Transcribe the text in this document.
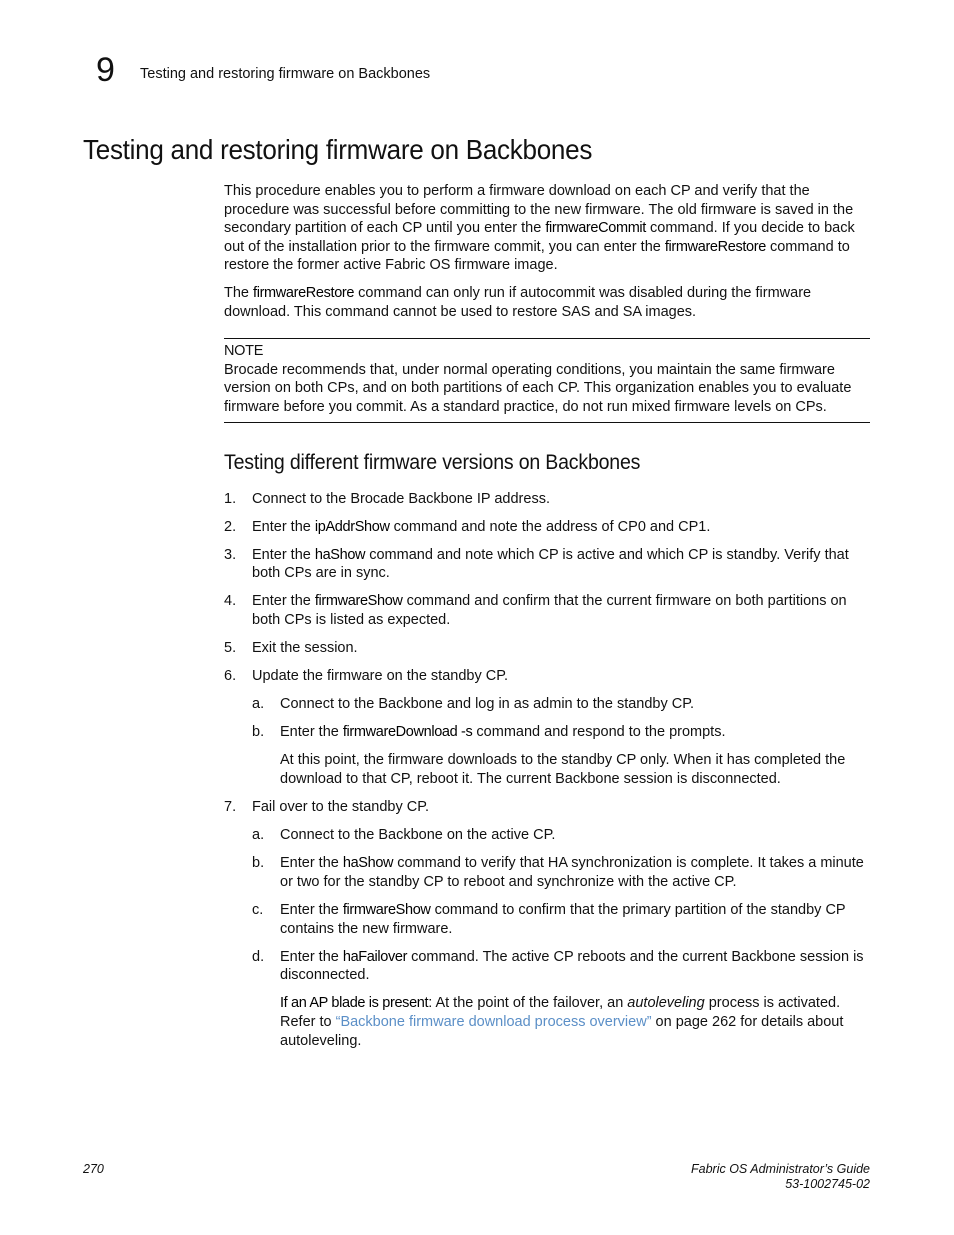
9 Testing and restoring firmware on Backbones
Testing and restoring firmware on Backbones

This procedure enables you to perform a firmware download on each CP and verify that the procedure was successful before committing to the new firmware. The old firmware is saved in the secondary partition of each CP until you enter the firmwareCommit command. If you decide to back out of the installation prior to the firmware commit, you can enter the firmwareRestore command to restore the former active Fabric OS firmware image.

The firmwareRestore command can only run if autocommit was disabled during the firmware download. This command cannot be used to restore SAS and SA images.

NOTE
Brocade recommends that, under normal operating conditions, you maintain the same firmware version on both CPs, and on both partitions of each CP. This organization enables you to evaluate firmware before you commit. As a standard practice, do not run mixed firmware levels on CPs.
Testing different firmware versions on Backbones
1. Connect to the Brocade Backbone IP address.
2. Enter the ipAddrShow command and note the address of CP0 and CP1.
3. Enter the haShow command and note which CP is active and which CP is standby. Verify that both CPs are in sync.
4. Enter the firmwareShow command and confirm that the current firmware on both partitions on both CPs is listed as expected.
5. Exit the session.
6. Update the firmware on the standby CP.
a. Connect to the Backbone and log in as admin to the standby CP.
b. Enter the firmwareDownload -s command and respond to the prompts.

At this point, the firmware downloads to the standby CP only. When it has completed the download to that CP, reboot it. The current Backbone session is disconnected.

7. Fail over to the standby CP.
a. Connect to the Backbone on the active CP.
b. Enter the haShow command to verify that HA synchronization is complete. It takes a minute or two for the standby CP to reboot and synchronize with the active CP.
c. Enter the firmwareShow command to confirm that the primary partition of the standby CP contains the new firmware.
d. Enter the haFailover command. The active CP reboots and the current Backbone session is disconnected.

If an AP blade is present: At the point of the failover, an autoleveling process is activated. Refer to “Backbone firmware download process overview” on page 262 for details about autoleveling.

270	Fabric OS Administrator’s Guide
53-1002745-02
